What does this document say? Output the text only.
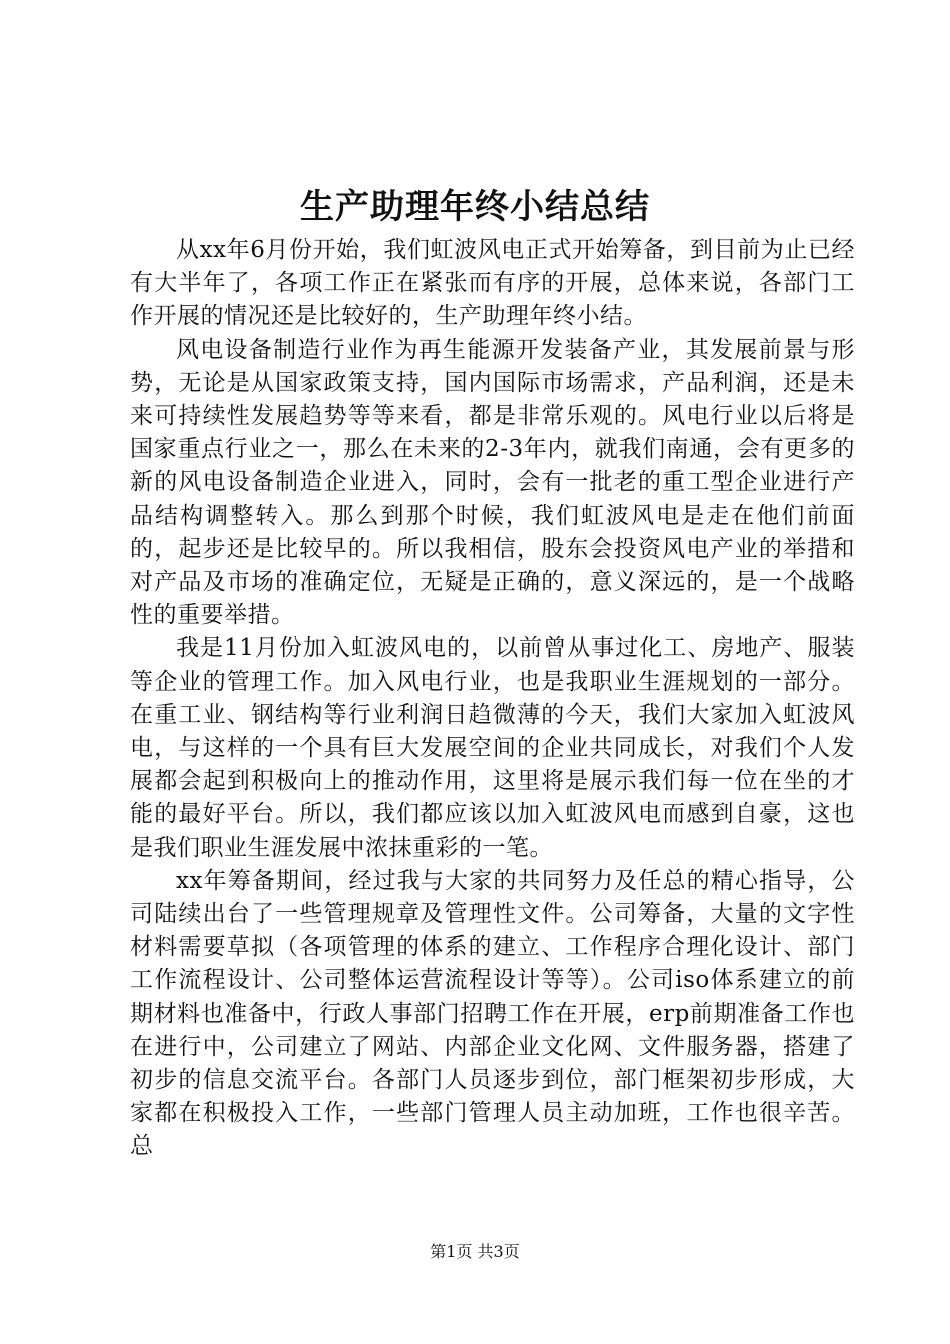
生产助理年终小结总结

从xx年6月份开始，我们虹波风电正式开始筹备，到目前为止已经有大半年了，各项工作正在紧张而有序的开展，总体来说，各部门工作开展的情况还是比较好的，生产助理年终小结。

风电设备制造行业作为再生能源开发装备产业，其发展前景与形势，无论是从国家政策支持，国内国际市场需求，产品利润，还是未来可持续性发展趋势等等来看，都是非常乐观的。风电行业以后将是国家重点行业之一，那么在未来的2-3年内，就我们南通，会有更多的新的风电设备制造企业进入，同时，会有一批老的重工型企业进行产品结构调整转入。那么到那个时候，我们虹波风电是走在他们前面的，起步还是比较早的。所以我相信，股东会投资风电产业的举措和对产品及市场的准确定位，无疑是正确的，意义深远的，是一个战略性的重要举措。

我是11月份加入虹波风电的，以前曾从事过化工、房地产、服装等企业的管理工作。加入风电行业，也是我职业生涯规划的一部分。在重工业、钢结构等行业利润日趋微薄的今天，我们大家加入虹波风电，与这样的一个具有巨大发展空间的企业共同成长，对我们个人发展都会起到积极向上的推动作用，这里将是展示我们每一位在坐的才能的最好平台。所以，我们都应该以加入虹波风电而感到自豪，这也是我们职业生涯发展中浓抹重彩的一笔。

xx年筹备期间，经过我与大家的共同努力及任总的精心指导，公司陆续出台了一些管理规章及管理性文件。公司筹备，大量的文字性材料需要草拟（各项管理的体系的建立、工作程序合理化设计、部门工作流程设计、公司整体运营流程设计等等）。公司iso体系建立的前期材料也准备中，行政人事部门招聘工作在开展，erp前期准备工作也在进行中，公司建立了网站、内部企业文化网、文件服务器，搭建了初步的信息交流平台。各部门人员逐步到位，部门框架初步形成，大家都在积极投入工作，一些部门管理人员主动加班，工作也很辛苦。总

第1页 共3页
